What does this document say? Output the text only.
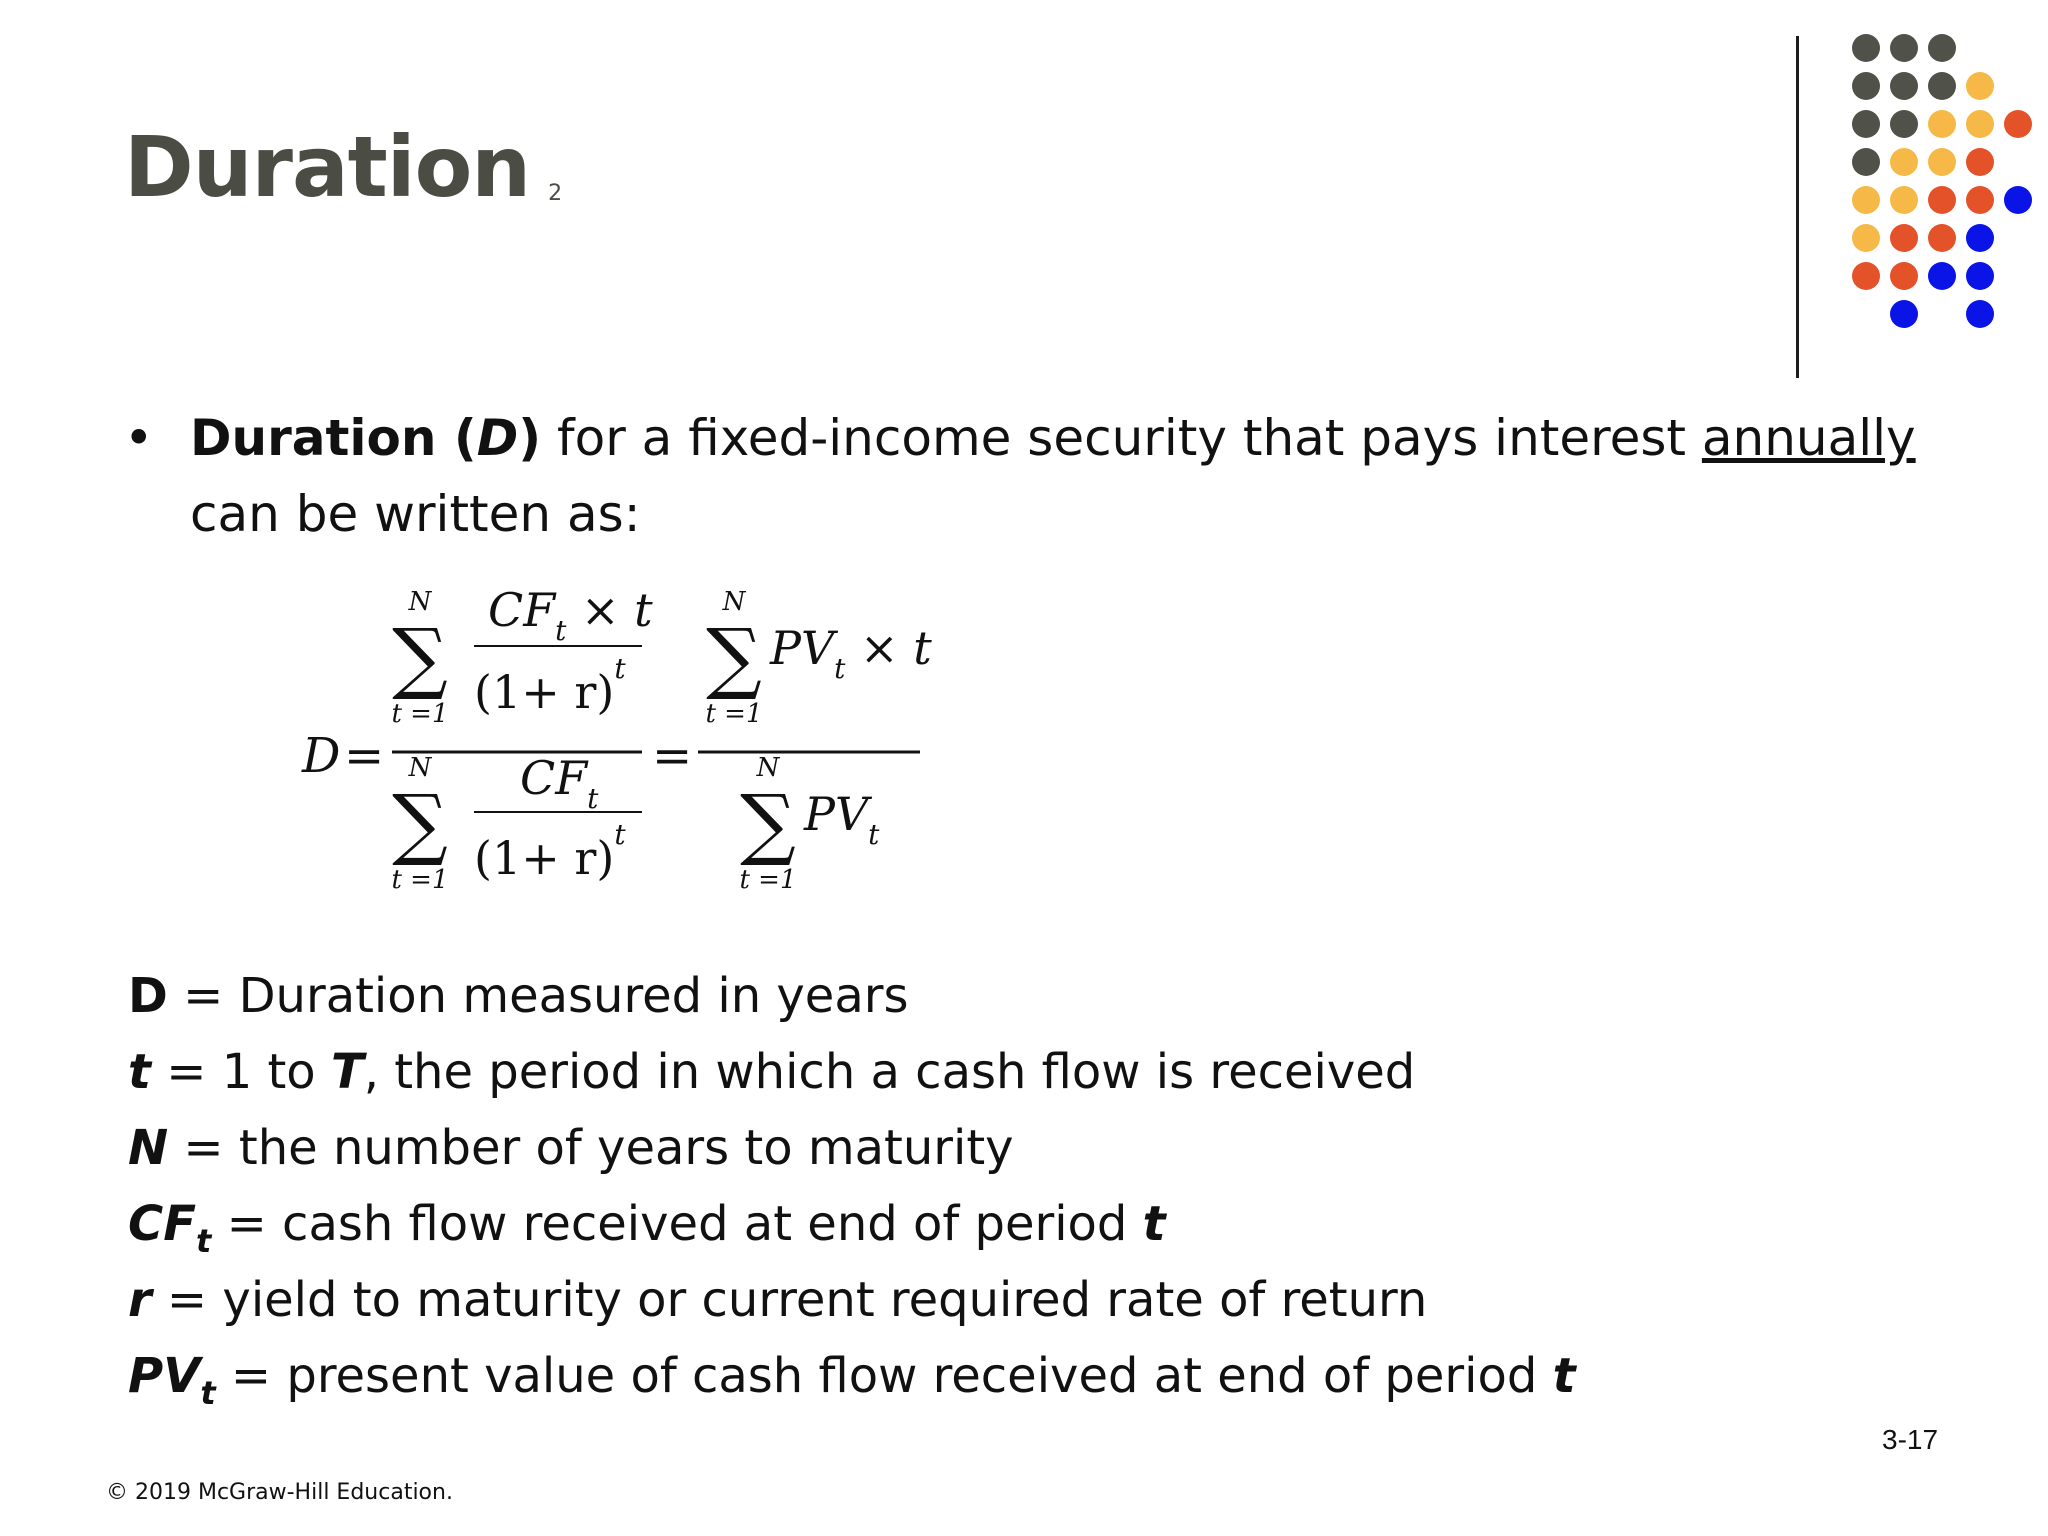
Duration 2
• Duration (D) for a fixed-income security that pays interest annually can be written as:
D =
N
∑
t =1
$CF_t \times t$
$(1+ r)^t$
N
∑
t =1
$CF_t$
$(1+ r)^t$
=
N
∑
t =1
$PV_t \times t$
N
∑
t =1
$PV_t$
D = Duration measured in years
t = 1 to T, the period in which a cash flow is received
N = the number of years to maturity
$CF_t$ = cash flow received at end of period t
r = yield to maturity or current required rate of return
$PV_t$ = present value of cash flow received at end of period t
3-17
© 2019 McGraw-Hill Education.
